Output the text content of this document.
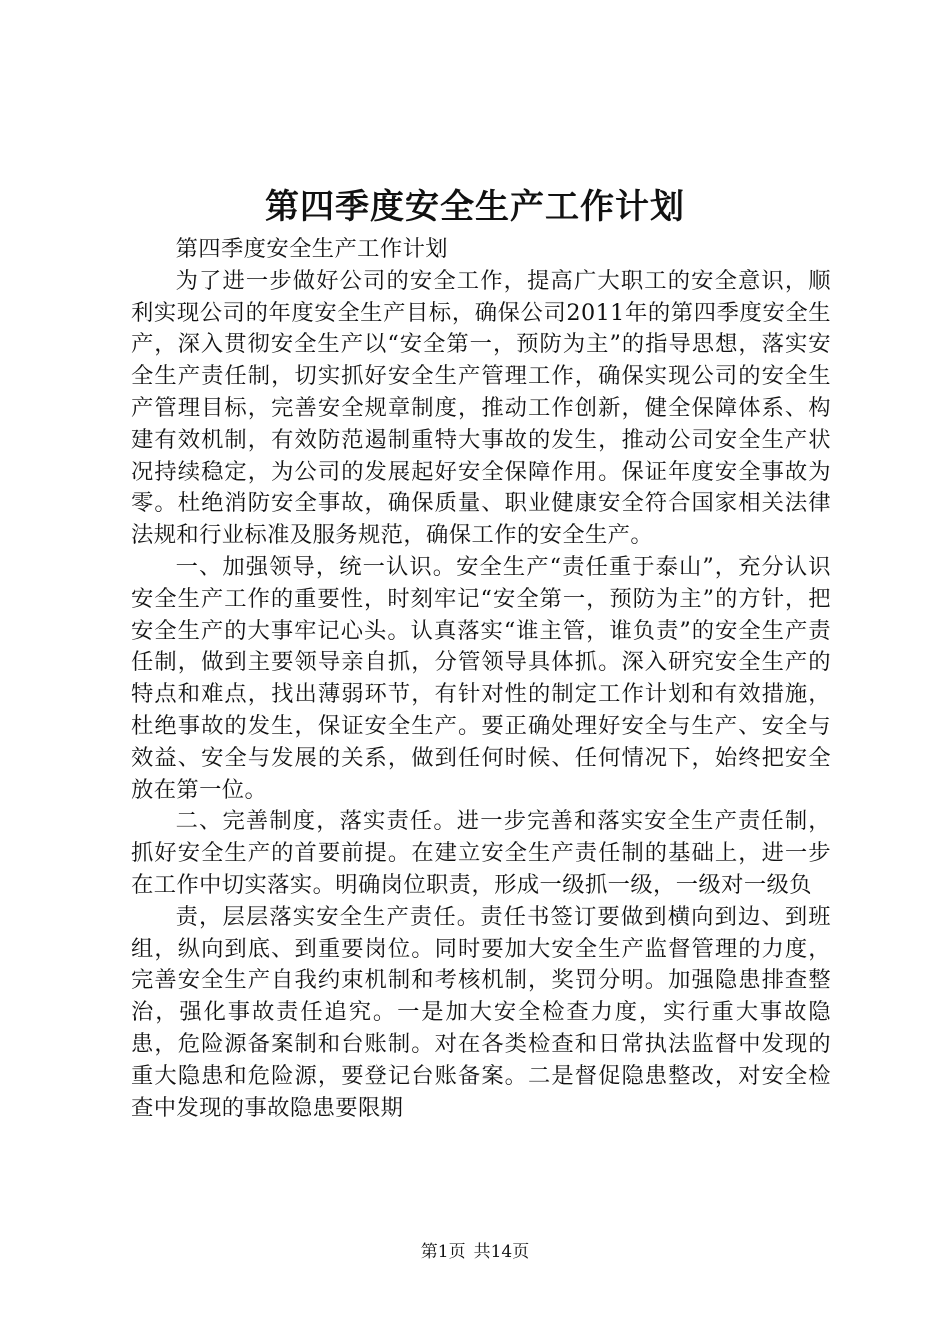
第四季度安全生产工作计划

第四季度安全生产工作计划

为了进一步做好公司的安全工作，提高广大职工的安全意识，顺利实现公司的年度安全生产目标，确保公司2011年的第四季度安全生产，深入贯彻安全生产以“安全第一，预防为主”的指导思想，落实安全生产责任制，切实抓好安全生产管理工作，确保实现公司的安全生产管理目标，完善安全规章制度，推动工作创新，健全保障体系、构建有效机制，有效防范遏制重特大事故的发生，推动公司安全生产状况持续稳定，为公司的发展起好安全保障作用。保证年度安全事故为零。杜绝消防安全事故，确保质量、职业健康安全符合国家相关法律法规和行业标准及服务规范，确保工作的安全生产。

一、加强领导，统一认识。安全生产“责任重于泰山”，充分认识安全生产工作的重要性，时刻牢记“安全第一，预防为主”的方针，把安全生产的大事牢记心头。认真落实“谁主管，谁负责”的安全生产责任制，做到主要领导亲自抓，分管领导具体抓。深入研究安全生产的特点和难点，找出薄弱环节，有针对性的制定工作计划和有效措施，杜绝事故的发生，保证安全生产。要正确处理好安全与生产、安全与效益、安全与发展的关系，做到任何时候、任何情况下，始终把安全放在第一位。

二、完善制度，落实责任。进一步完善和落实安全生产责任制，抓好安全生产的首要前提。在建立安全生产责任制的基础上，进一步在工作中切实落实。明确岗位职责，形成一级抓一级，一级对一级负

责，层层落实安全生产责任。责任书签订要做到横向到边、到班组，纵向到底、到重要岗位。同时要加大安全生产监督管理的力度，完善安全生产自我约束机制和考核机制，奖罚分明。加强隐患排查整治，强化事故责任追究。一是加大安全检查力度，实行重大事故隐患，危险源备案制和台账制。对在各类检查和日常执法监督中发现的重大隐患和危险源，要登记台账备案。二是督促隐患整改，对安全检查中发现的事故隐患要限期

第1页 共14页
